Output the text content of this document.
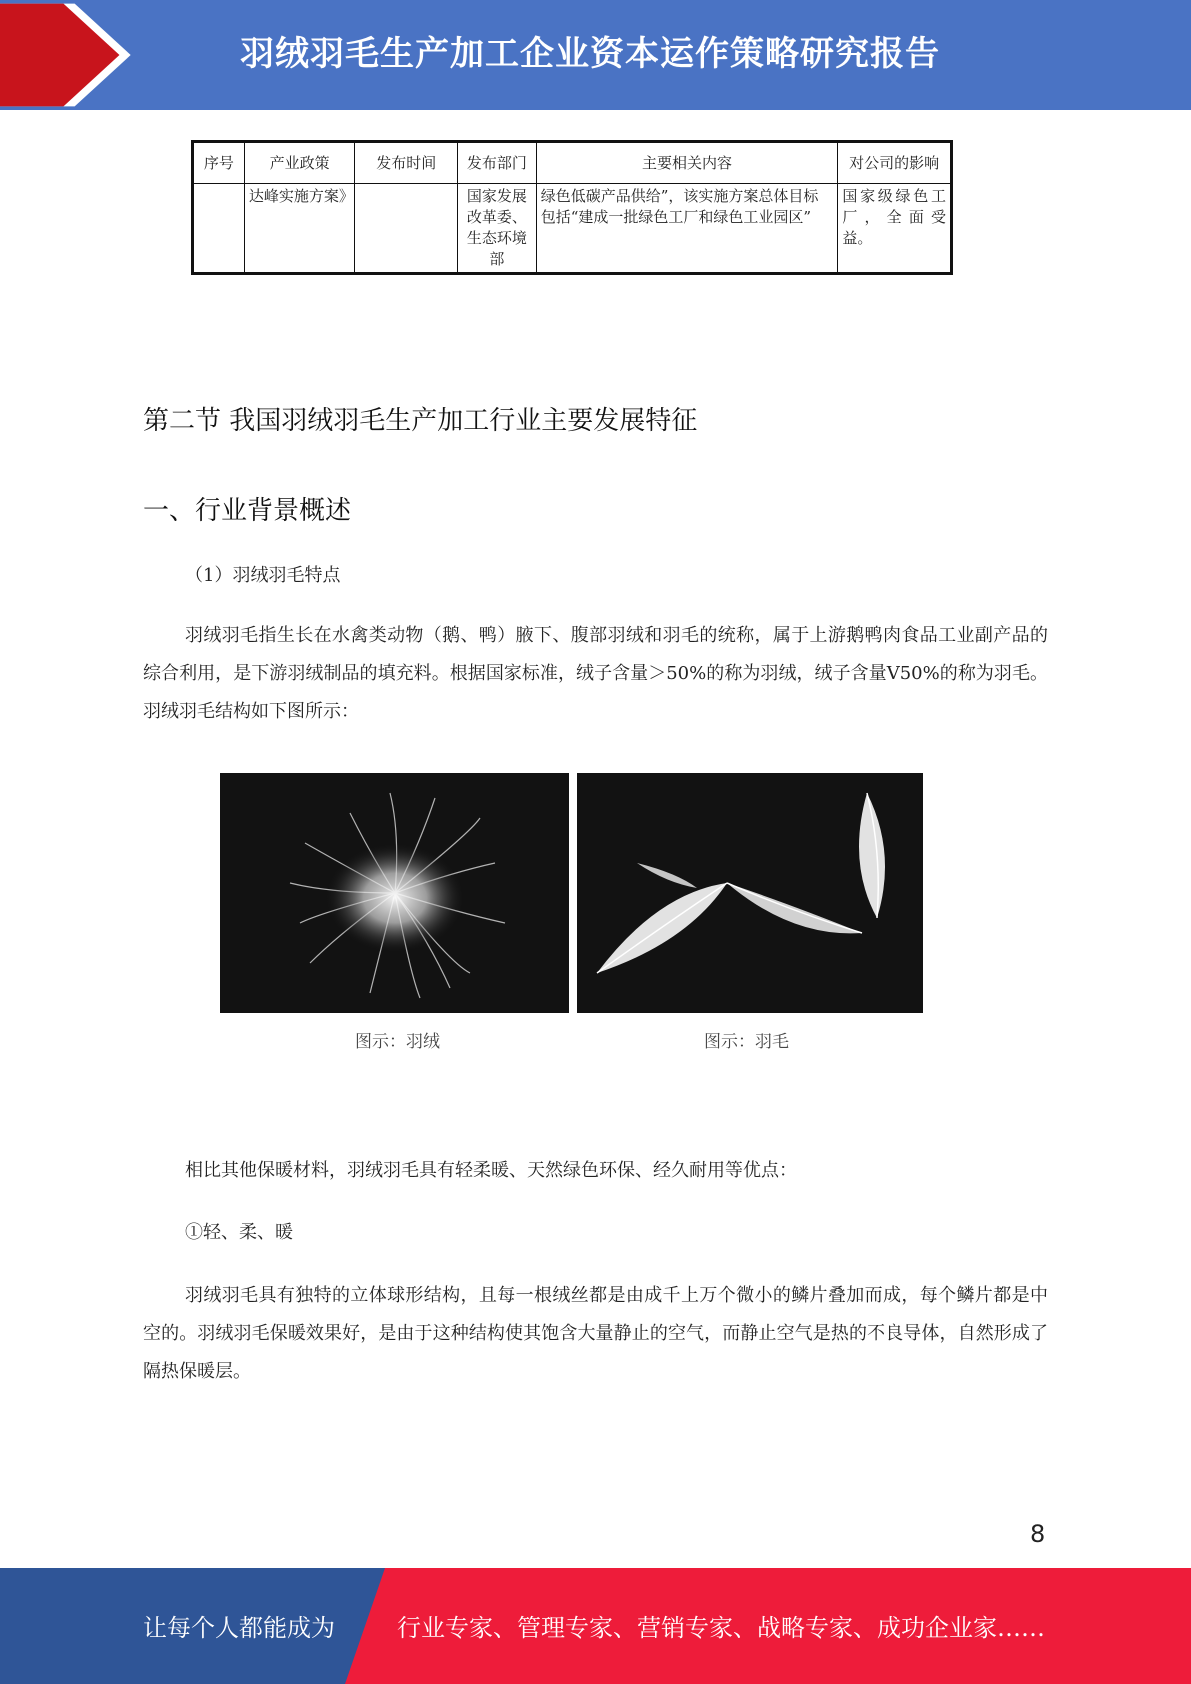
羽绒羽毛生产加工企业资本运作策略研究报告
序号	产业政策	发布时间	发布部门	主要相关内容	对公司的影响
	达峰实施方案》		国家发展改革委、生态环境部	绿色低碳产品供给”，该实施方案总体目标包括“建成一批绿色工厂和绿色工业园区”	国家级绿色工厂，全面受益。
第二节 我国羽绒羽毛生产加工行业主要发展特征
一、行业背景概述
（1）羽绒羽毛特点

羽绒羽毛指生长在水禽类动物（鹅、鸭）腋下、腹部羽绒和羽毛的统称，属于上游鹅鸭肉食品工业副产品的综合利用，是下游羽绒制品的填充料。根据国家标准，绒子含量＞50%的称为羽绒，绒子含量V50%的称为羽毛。羽绒羽毛结构如下图所示：

图示：羽绒	图示：羽毛

相比其他保暖材料，羽绒羽毛具有轻柔暖、天然绿色环保、经久耐用等优点：

①轻、柔、暖

羽绒羽毛具有独特的立体球形结构，且每一根绒丝都是由成千上万个微小的鳞片叠加而成，每个鳞片都是中空的。羽绒羽毛保暖效果好，是由于这种结构使其饱含大量静止的空气，而静止空气是热的不良导体，自然形成了隔热保暖层。

8
让每个人都能成为	行业专家、管理专家、营销专家、战略专家、成功企业家……
